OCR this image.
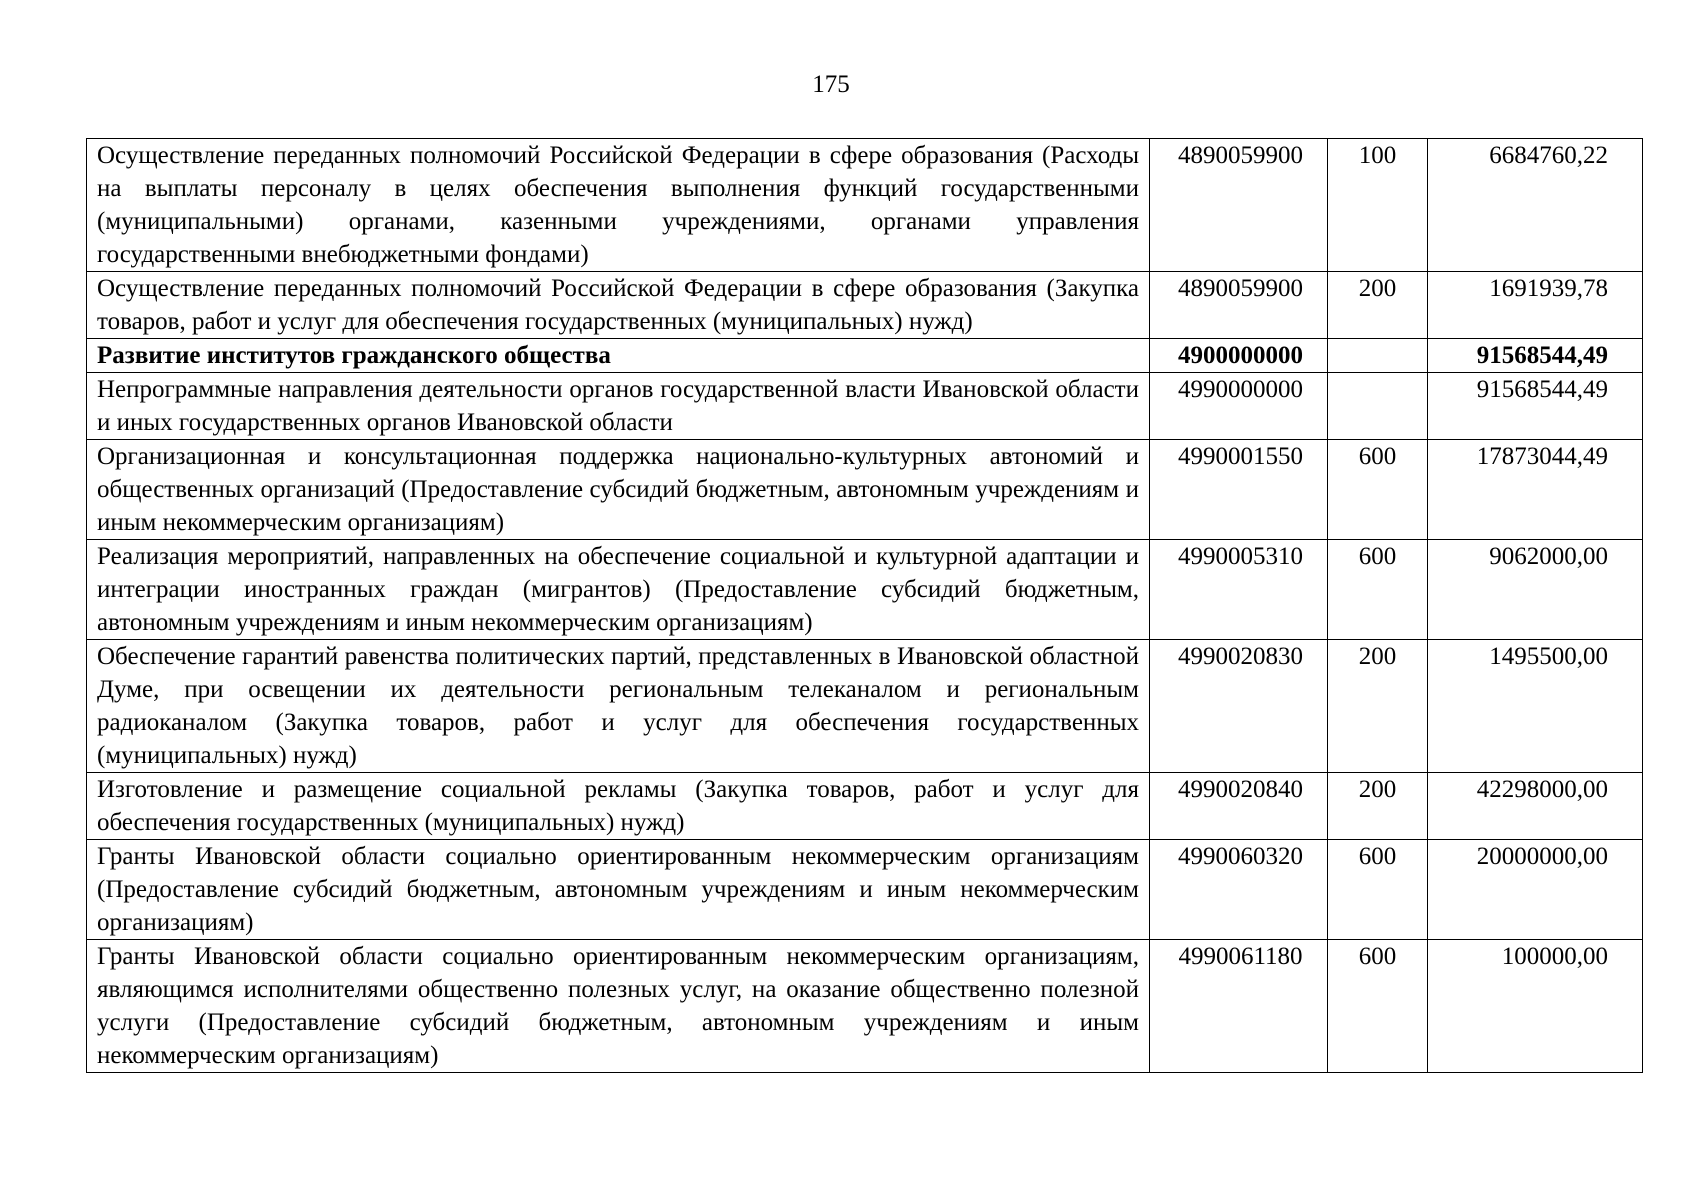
175
Осуществление переданных полномочий Российской Федерации в сфере образования (Расходы на выплаты персоналу в целях обеспечения выполнения функций государственными (муниципальными) органами, казенными учреждениями, органами управления государственными внебюджетными фондами)	4890059900	100	6684760,22
Осуществление переданных полномочий Российской Федерации в сфере образования (Закупка товаров, работ и услуг для обеспечения государственных (муниципальных) нужд)	4890059900	200	1691939,78
Развитие институтов гражданского общества	4900000000		91568544,49
Непрограммные направления деятельности органов государственной власти Ивановской области и иных государственных органов Ивановской области	4990000000		91568544,49
Организационная и консультационная поддержка национально-культурных автономий и общественных организаций (Предоставление субсидий бюджетным, автономным учреждениям и иным некоммерческим организациям)	4990001550	600	17873044,49
Реализация мероприятий, направленных на обеспечение социальной и культурной адаптации и интеграции иностранных граждан (мигрантов) (Предоставление субсидий бюджетным, автономным учреждениям и иным некоммерческим организациям)	4990005310	600	9062000,00
Обеспечение гарантий равенства политических партий, представленных в Ивановской областной Думе, при освещении их деятельности региональным телеканалом и региональным радиоканалом (Закупка товаров, работ и услуг для обеспечения государственных (муниципальных) нужд)	4990020830	200	1495500,00
Изготовление и размещение социальной рекламы (Закупка товаров, работ и услуг для обеспечения государственных (муниципальных) нужд)	4990020840	200	42298000,00
Гранты Ивановской области социально ориентированным некоммерческим организациям (Предоставление субсидий бюджетным, автономным учреждениям и иным некоммерческим организациям)	4990060320	600	20000000,00
Гранты Ивановской области социально ориентированным некоммерческим организациям, являющимся исполнителями общественно полезных услуг, на оказание общественно полезной услуги (Предоставление субсидий бюджетным, автономным учреждениям и иным некоммерческим организациям)	4990061180	600	100000,00
